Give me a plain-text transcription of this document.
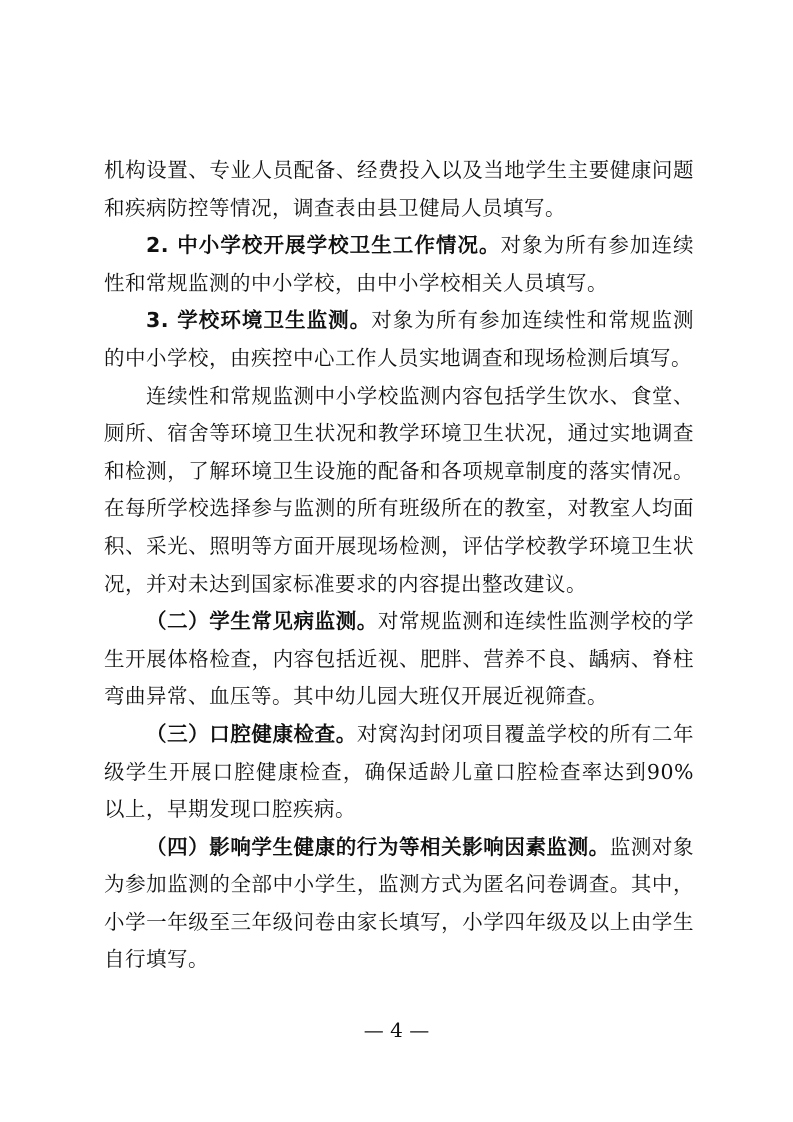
机构设置、专业人员配备、经费投入以及当地学生主要健康问题和疾病防控等情况，调查表由县卫健局人员填写。

2. 中小学校开展学校卫生工作情况。对象为所有参加连续性和常规监测的中小学校，由中小学校相关人员填写。

3. 学校环境卫生监测。对象为所有参加连续性和常规监测的中小学校，由疾控中心工作人员实地调查和现场检测后填写。

连续性和常规监测中小学校监测内容包括学生饮水、食堂、厕所、宿舍等环境卫生状况和教学环境卫生状况，通过实地调查和检测，了解环境卫生设施的配备和各项规章制度的落实情况。在每所学校选择参与监测的所有班级所在的教室，对教室人均面积、采光、照明等方面开展现场检测，评估学校教学环境卫生状况，并对未达到国家标准要求的内容提出整改建议。

（二）学生常见病监测。对常规监测和连续性监测学校的学生开展体格检查，内容包括近视、肥胖、营养不良、龋病、脊柱弯曲异常、血压等。其中幼儿园大班仅开展近视筛查。

（三）口腔健康检查。对窝沟封闭项目覆盖学校的所有二年级学生开展口腔健康检查，确保适龄儿童口腔检查率达到90%以上，早期发现口腔疾病。

（四）影响学生健康的行为等相关影响因素监测。监测对象为参加监测的全部中小学生，监测方式为匿名问卷调查。其中，小学一年级至三年级问卷由家长填写，小学四年级及以上由学生自行填写。

— 4 —
